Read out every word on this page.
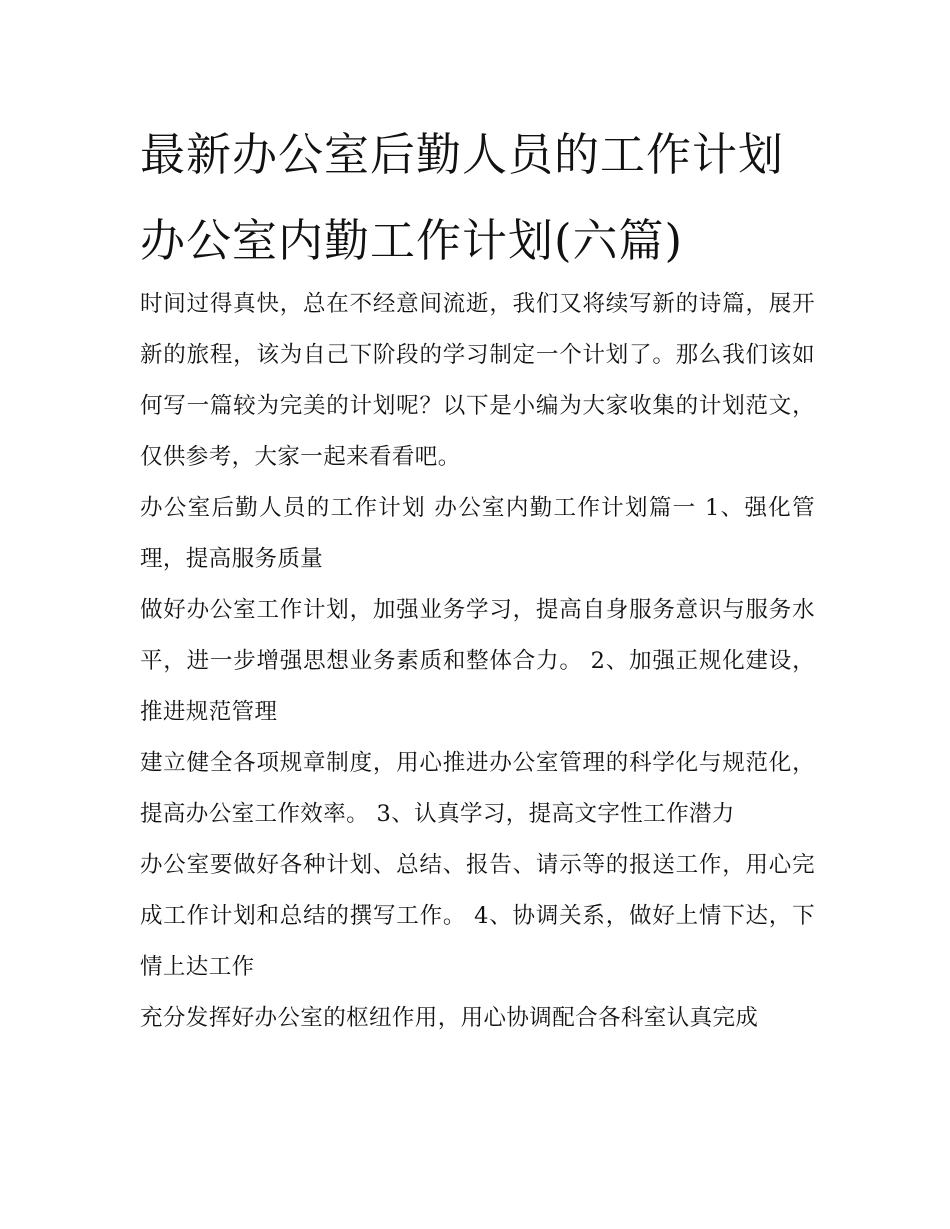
最新办公室后勤人员的工作计划 办公室内勤工作计划(六篇)

时间过得真快，总在不经意间流逝，我们又将续写新的诗篇，展开新的旅程，该为自己下阶段的学习制定一个计划了。那么我们该如何写一篇较为完美的计划呢？以下是小编为大家收集的计划范文，仅供参考，大家一起来看看吧。

办公室后勤人员的工作计划 办公室内勤工作计划篇一 1、强化管理，提高服务质量

做好办公室工作计划，加强业务学习，提高自身服务意识与服务水平，进一步增强思想业务素质和整体合力。 2、加强正规化建设，推进规范管理

建立健全各项规章制度，用心推进办公室管理的科学化与规范化，提高办公室工作效率。 3、认真学习，提高文字性工作潜力

办公室要做好各种计划、总结、报告、请示等的报送工作，用心完成工作计划和总结的撰写工作。 4、协调关系，做好上情下达，下情上达工作

充分发挥好办公室的枢纽作用，用心协调配合各科室认真完成
